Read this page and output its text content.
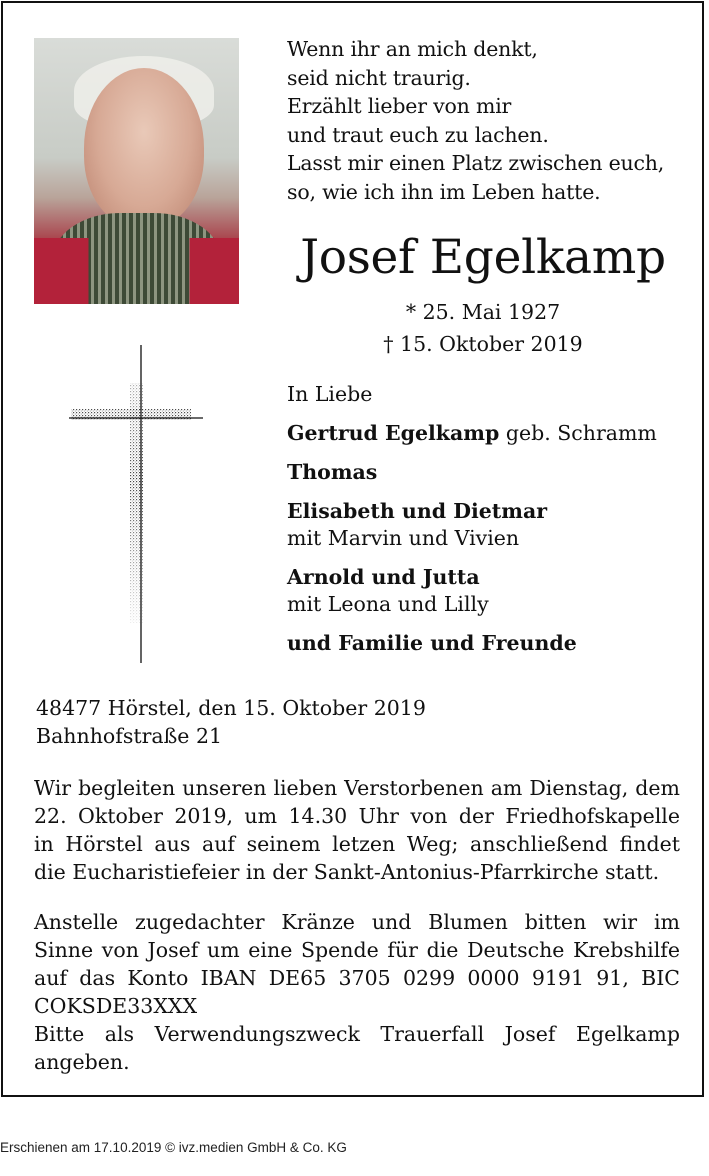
Wenn ihr an mich denkt,
seid nicht traurig.
Erzählt lieber von mir
und traut euch zu lachen.
Lasst mir einen Platz zwischen euch,
so, wie ich ihn im Leben hatte.
Josef Egelkamp
* 25. Mai 1927
† 15. Oktober 2019
In Liebe
Gertrud Egelkamp geb. Schramm
Thomas
Elisabeth und Dietmar
mit Marvin und Vivien
Arnold und Jutta
mit Leona und Lilly
und Familie und Freunde
48477 Hörstel, den 15. Oktober 2019
Bahnhofstraße 21
Wir begleiten unseren lieben Verstorbenen am Dienstag, dem
22. Oktober 2019, um 14.30 Uhr von der Friedhofskapelle
in Hörstel aus auf seinem letzen Weg; anschließend findet
die Eucharistiefeier in der Sankt-Antonius-Pfarrkirche statt.
Anstelle zugedachter Kränze und Blumen bitten wir im
Sinne von Josef um eine Spende für die Deutsche Krebshilfe
auf das Konto IBAN DE65 3705 0299 0000 9191 91, BIC
COKSDE33XXX
Bitte als Verwendungszweck Trauerfall Josef Egelkamp
angeben.
Erschienen am 17.10.2019 © ivz.medien GmbH & Co. KG
